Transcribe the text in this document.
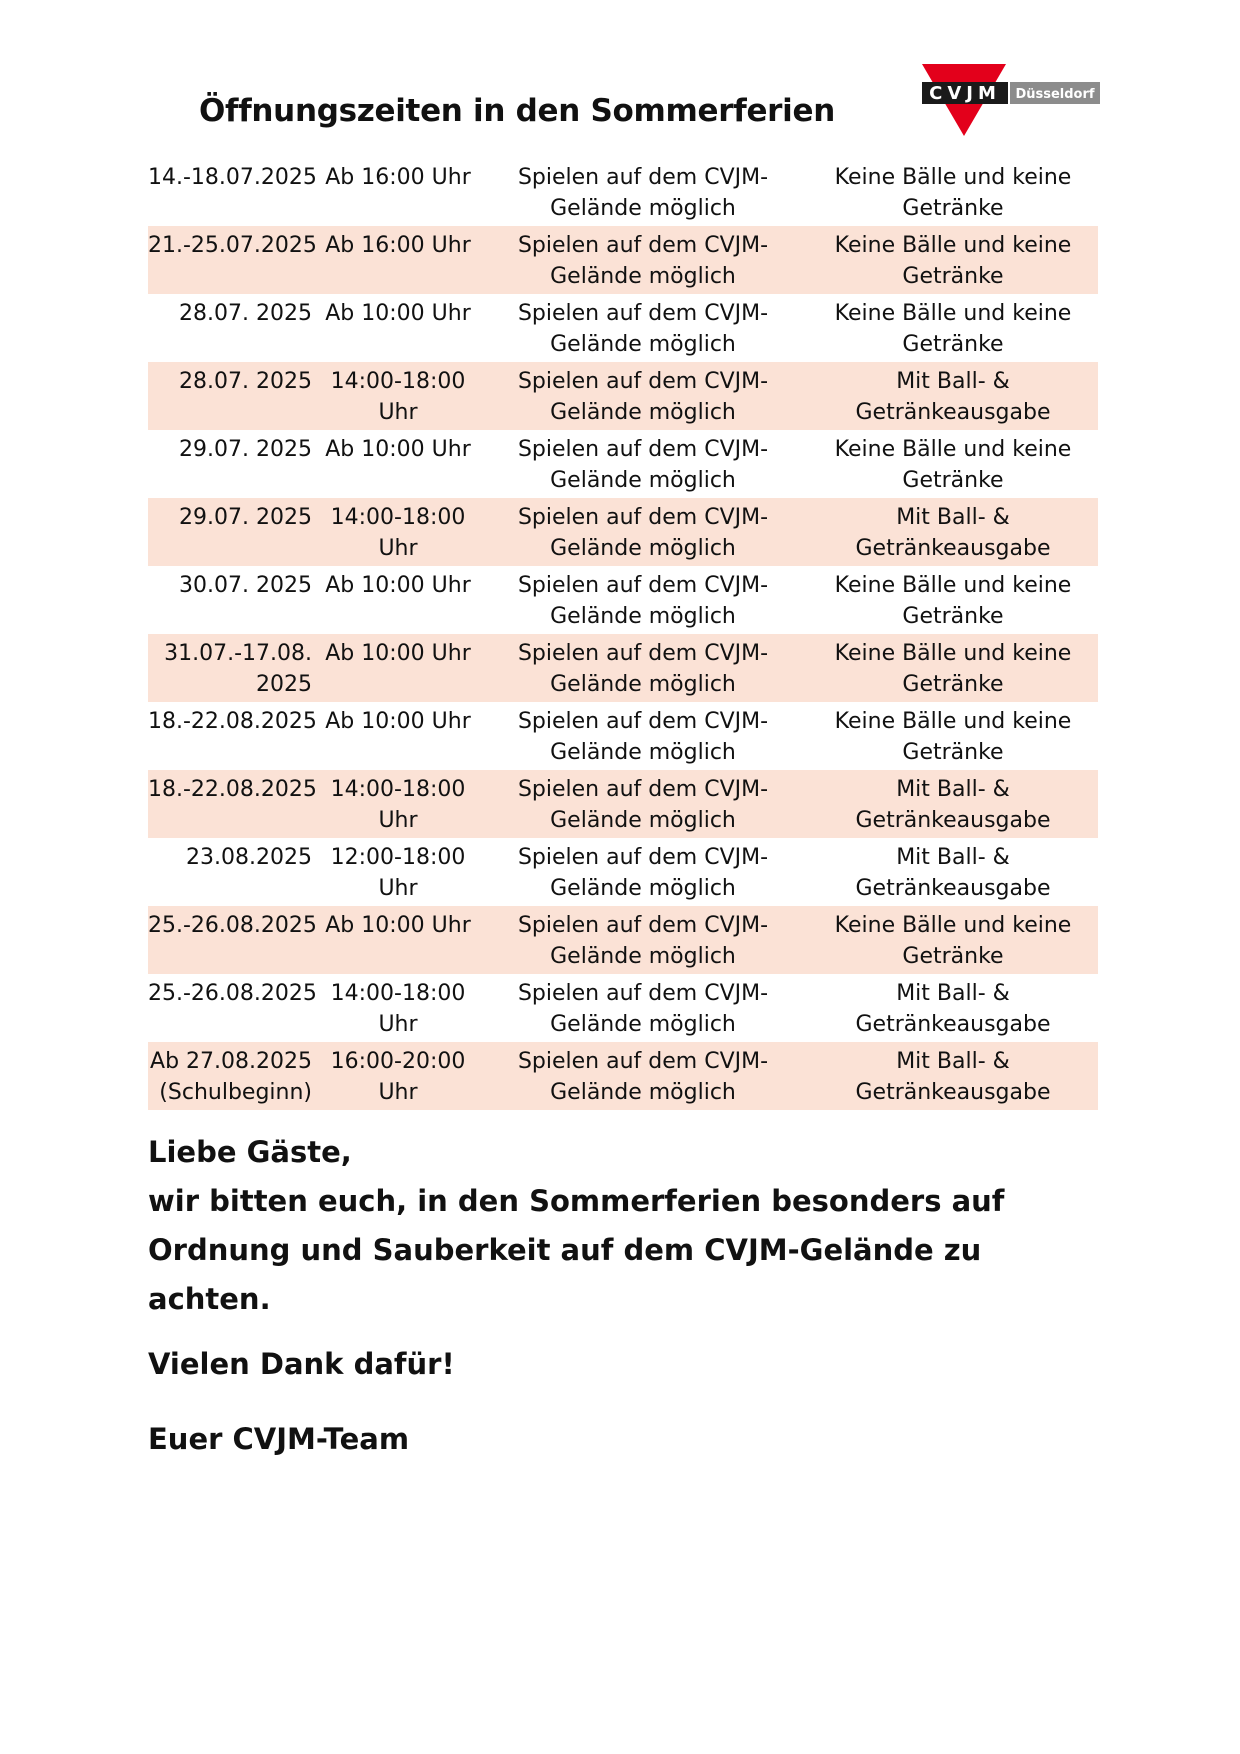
Öffnungszeiten in den Sommerferien	CVJM Düsseldorf
14.-18.07.2025	Ab 16:00 Uhr	Spielen auf dem CVJM-Gelände möglich	Keine Bälle und keine Getränke
21.-25.07.2025	Ab 16:00 Uhr	Spielen auf dem CVJM-Gelände möglich	Keine Bälle und keine Getränke
28.07. 2025	Ab 10:00 Uhr	Spielen auf dem CVJM-Gelände möglich	Keine Bälle und keine Getränke
28.07. 2025	14:00-18:00 Uhr	Spielen auf dem CVJM-Gelände möglich	Mit Ball- & Getränkeausgabe
29.07. 2025	Ab 10:00 Uhr	Spielen auf dem CVJM-Gelände möglich	Keine Bälle und keine Getränke
29.07. 2025	14:00-18:00 Uhr	Spielen auf dem CVJM-Gelände möglich	Mit Ball- & Getränkeausgabe
30.07. 2025	Ab 10:00 Uhr	Spielen auf dem CVJM-Gelände möglich	Keine Bälle und keine Getränke
31.07.-17.08. 2025	Ab 10:00 Uhr	Spielen auf dem CVJM-Gelände möglich	Keine Bälle und keine Getränke
18.-22.08.2025	Ab 10:00 Uhr	Spielen auf dem CVJM-Gelände möglich	Keine Bälle und keine Getränke
18.-22.08.2025	14:00-18:00 Uhr	Spielen auf dem CVJM-Gelände möglich	Mit Ball- & Getränkeausgabe
23.08.2025	12:00-18:00 Uhr	Spielen auf dem CVJM-Gelände möglich	Mit Ball- & Getränkeausgabe
25.-26.08.2025	Ab 10:00 Uhr	Spielen auf dem CVJM-Gelände möglich	Keine Bälle und keine Getränke
25.-26.08.2025	14:00-18:00 Uhr	Spielen auf dem CVJM-Gelände möglich	Mit Ball- & Getränkeausgabe
Ab 27.08.2025 (Schulbeginn)	16:00-20:00 Uhr	Spielen auf dem CVJM-Gelände möglich	Mit Ball- & Getränkeausgabe

Liebe Gäste,

wir bitten euch, in den Sommerferien besonders auf Ordnung und Sauberkeit auf dem CVJM-Gelände zu achten.

Vielen Dank dafür!

Euer CVJM-Team
